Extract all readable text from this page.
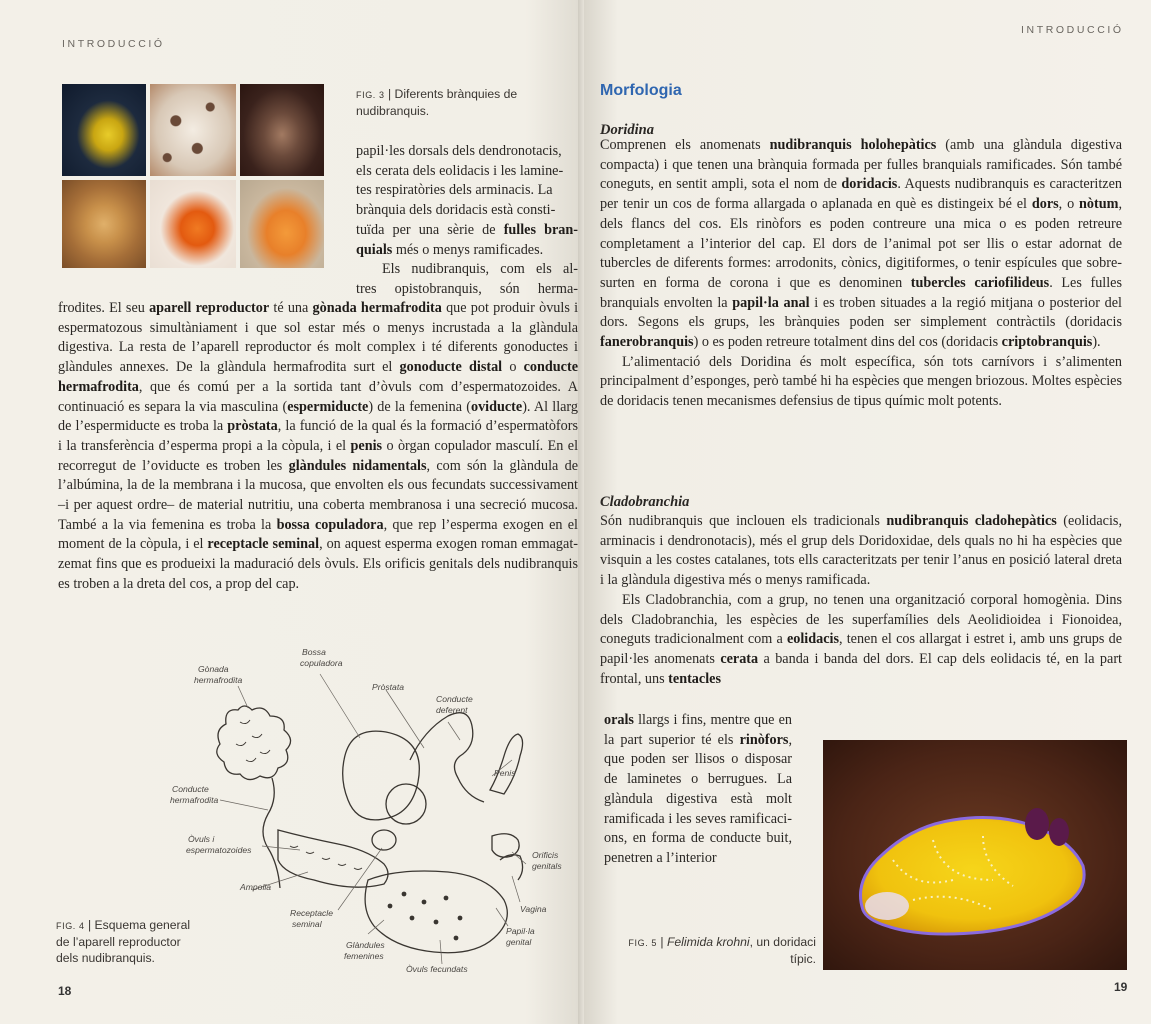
INTRODUCCIÓ
FIG. 3 | Diferents brànquies de nudibranquis.

papil·les dorsals dels dendronotacis,

els cerata dels eolidacis i les lamine-

tes respiratòries dels arminacis. La

brànquia dels doridacis està consti-

tuïda per una sèrie de fulles bran-

quials més o menys ramificades.

Els nudibranquis, com els al-

tres opistobranquis, són herma-

frodites. El seu aparell reproductor té una gònada hermafrodita que pot produir òvuls i espermatozous simultàniament i que sol estar més o menys incrustada a la glàndula digestiva. La resta de l’aparell reproductor és molt complex i té diferents gonoductes i glàndules annexes. De la glàndula hermafrodita surt el gonoducte distal o conducte hermafrodita, que és comú per a la sortida tant d’òvuls com d’espermatozoides. A continuació es separa la via masculina (espermiducte) de la femenina (oviducte). Al llarg de l’espermiducte es troba la pròstata, la funció de la qual és la formació d’espermatòfors i la transferència d’esperma propi a la còpula, i el penis o òrgan copulador masculí. En el recorregut de l’oviducte es troben les glàndules nidamentals, com són la glàndula de l’albúmina, la de la membrana i la mucosa, que envolten els ous fecundats successivament –i per aquest ordre– de material nutritiu, una coberta membranosa i una secreció mucosa. També a la via femenina es troba la bossa copuladora, que rep l’esperma exogen en el moment de la còpula, i el receptacle seminal, on aquest esperma exogen roman emmagatzemat fins que es produeixi la maduració dels òvuls. Els orificis genitals dels nudibranquis es troben a la dreta del cos, a prop del cap.

Gònada hermafrodita
Bossa copuladora
Pròstata
Conducte deferent
Penis
Conducte hermafrodita
Òvuls i espermatozoides
Ampolla
Orificis genitals
Vagina
Receptacle seminal
Papil·la genital
Glàndules femenines
Òvuls fecundats
FIG. 4 | Esquema general de l’aparell reproductor dels nudibranquis.
18
INTRODUCCIÓ
Morfologia
Doridina

Comprenen els anomenats nudibranquis holohepàtics (amb una glàndula digestiva compacta) i que tenen una brànquia formada per fulles branquials ramificades. Són també coneguts, en sentit ampli, sota el nom de doridacis. Aquests nudibranquis es caracteritzen per tenir un cos de forma allargada o aplanada en què es distingeix bé el dors, o nòtum, dels flancs del cos. Els rinòfors es poden contreure una mica o es poden retreure completament a l’interior del cap. El dors de l’animal pot ser llis o estar adornat de tubercles de diferents formes: arrodonits, cònics, digitiformes, o tenir espícules que sobresurten en forma de corona i que es denominen tubercles cariofilideus. Les fulles branquials envolten la papil·la anal i es troben situades a la regió mitjana o posterior del dors. Segons els grups, les brànquies poden ser simplement contràctils (doridacis fanerobranquis) o es poden retreure totalment dins del cos (doridacis criptobranquis).

L’alimentació dels Doridina és molt específica, són tots carnívors i s’alimenten principalment d’esponges, però també hi ha espècies que mengen briozous. Moltes espècies de doridacis tenen mecanismes defensius de tipus químic molt potents.

Cladobranchia

Són nudibranquis que inclouen els tradicionals nudibranquis cladohepàtics (eolidacis, arminacis i dendronotacis), més el grup dels Doridoxidae, dels quals no hi ha espècies que visquin a les costes catalanes, tots ells caracteritzats per tenir l’anus en posició lateral dreta i la glàndula digestiva més o menys ramificada.

Els Cladobranchia, com a grup, no tenen una organització corporal homogènia. Dins dels Cladobranchia, les espècies de les superfamílies dels Aeolidioidea i Fionoidea, coneguts tradicionalment com a eolidacis, tenen el cos allargat i estret i, amb uns grups de papil·les anomenats cerata a banda i banda del dors. El cap dels eolidacis té, en la part frontal, uns tentacles

orals llargs i fins, mentre que en la part superior té els rinòfors, que poden ser llisos o disposar de laminetes o berrugues. La glàndula digestiva està molt ramificada i les seves ramificacions, en forma de conducte buit, penetren a l’interior

FIG. 5 | Felimida krohni, un doridaci típic.
19
